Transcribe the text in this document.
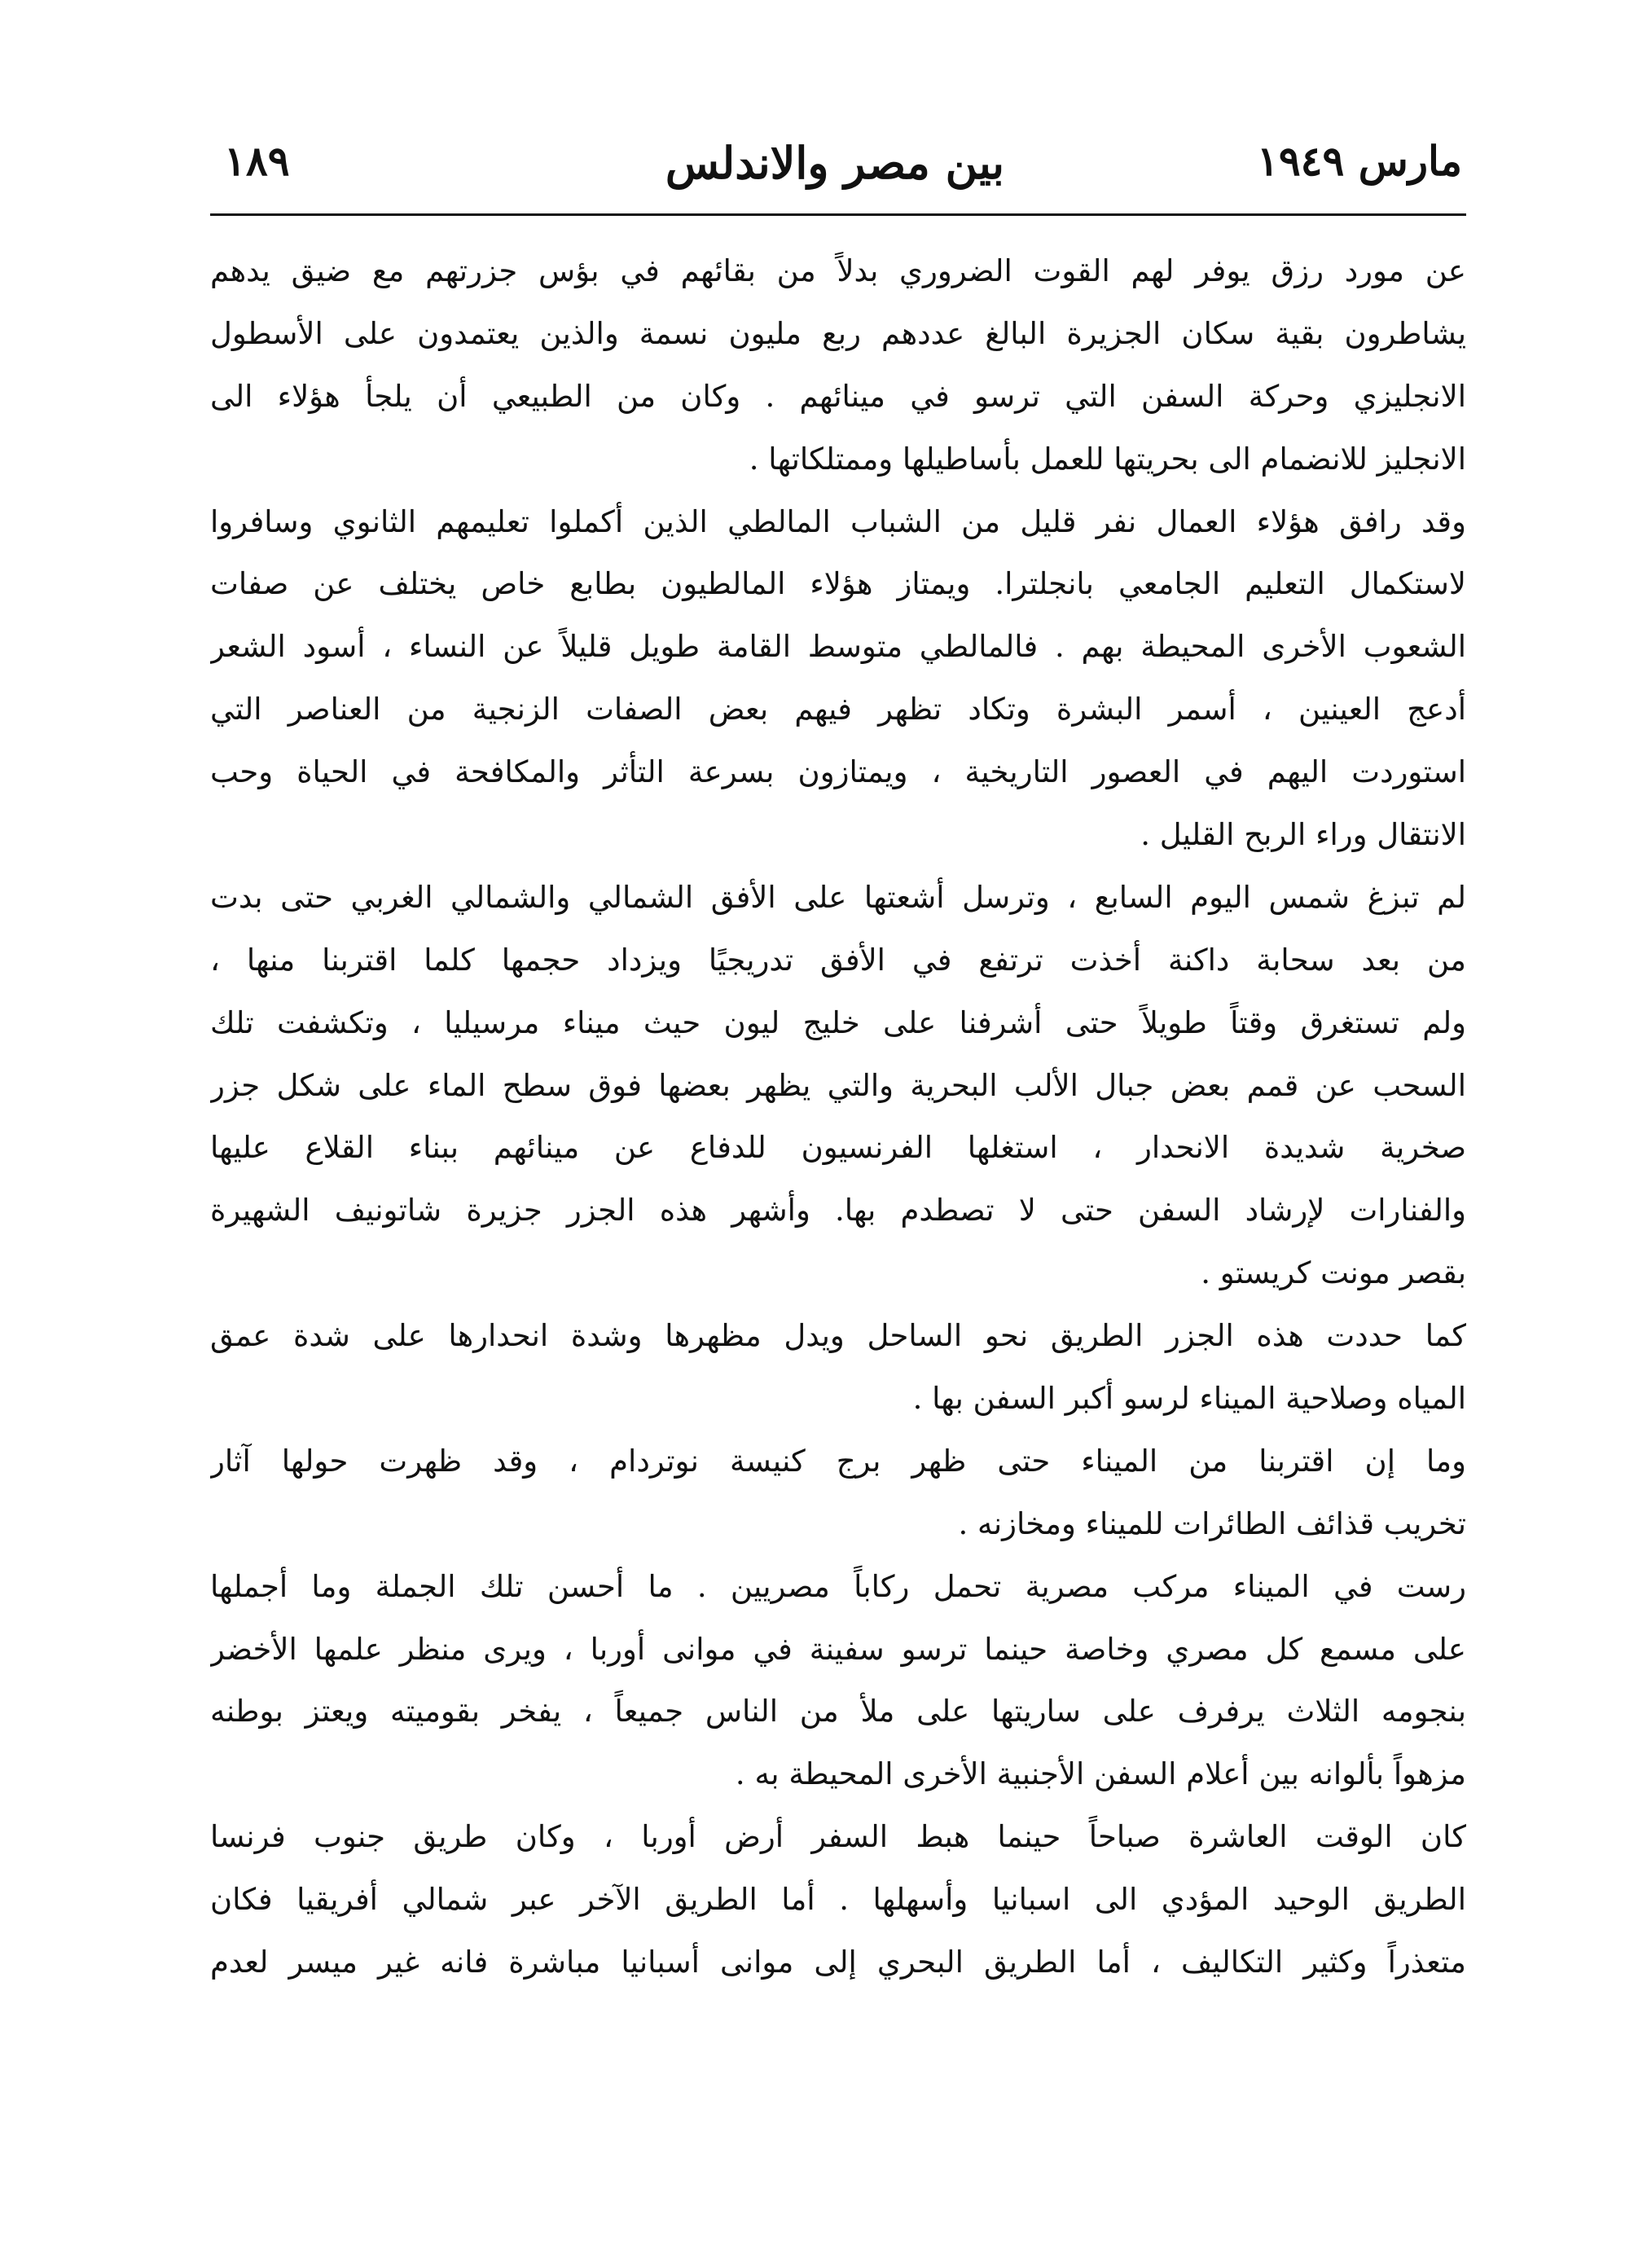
١٨٩	بين مصر والاندلس	مارس ١٩٤٩
عن مورد رزق يوفر لهم القوت الضروري بدلاً من بقائهم في بؤس جزرتهم مع ضيق يدهم
يشاطرون بقية سكان الجزيرة البالغ عددهم ربع مليون نسمة والذين يعتمدون على الأسطول
الانجليزي وحركة السفن التي ترسو في مينائهم . وكان من الطبيعي أن يلجأ هؤلاء الى
الانجليز للانضمام الى بحريتها للعمل بأساطيلها وممتلكاتها .
وقد رافق هؤلاء العمال نفر قليل من الشباب المالطي الذين أكملوا تعليمهم الثانوي وسافروا
لاستكمال التعليم الجامعي بانجلترا. ويمتاز هؤلاء المالطيون بطابع خاص يختلف عن صفات
الشعوب الأخرى المحيطة بهم . فالمالطي متوسط القامة طويل قليلاً عن النساء ، أسود الشعر
أدعج العينين ، أسمر البشرة وتكاد تظهر فيهم بعض الصفات الزنجية من العناصر التي
استوردت اليهم في العصور التاريخية ، ويمتازون بسرعة التأثر والمكافحة في الحياة وحب
الانتقال وراء الربح القليل .
لم تبزغ شمس اليوم السابع ، وترسل أشعتها على الأفق الشمالي والشمالي الغربي حتى بدت
من بعد سحابة داكنة أخذت ترتفع في الأفق تدريجيًا ويزداد حجمها كلما اقتربنا منها ،
ولم تستغرق وقتاً طويلاً حتى أشرفنا على خليج ليون حيث ميناء مرسيليا ، وتكشفت تلك
السحب عن قمم بعض جبال الألب البحرية والتي يظهر بعضها فوق سطح الماء على شكل جزر
صخرية شديدة الانحدار ، استغلها الفرنسيون للدفاع عن مينائهم ببناء القلاع عليها
والفنارات لإرشاد السفن حتى لا تصطدم بها. وأشهر هذه الجزر جزيرة شاتونيف الشهيرة
بقصر مونت كريستو .
كما حددت هذه الجزر الطريق نحو الساحل ويدل مظهرها وشدة انحدارها على شدة عمق
المياه وصلاحية الميناء لرسو أكبر السفن بها .
وما إن اقتربنا من الميناء حتى ظهر برج كنيسة نوتردام ، وقد ظهرت حولها آثار
تخريب قذائف الطائرات للميناء ومخازنه .
رست في الميناء مركب مصرية تحمل ركاباً مصريين . ما أحسن تلك الجملة وما أجملها
على مسمع كل مصري وخاصة حينما ترسو سفينة في موانى أوربا ، ويرى منظر علمها الأخضر
بنجومه الثلاث يرفرف على ساريتها على ملأ من الناس جميعاً ، يفخر بقوميته ويعتز بوطنه
مزهواً بألوانه بين أعلام السفن الأجنبية الأخرى المحيطة به .
كان الوقت العاشرة صباحاً حينما هبط السفر أرض أوربا ، وكان طريق جنوب فرنسا
الطريق الوحيد المؤدي الى اسبانيا وأسهلها . أما الطريق الآخر عبر شمالي أفريقيا فكان
متعذراً وكثير التكاليف ، أما الطريق البحري إلى موانى أسبانيا مباشرة فانه غير ميسر لعدم
